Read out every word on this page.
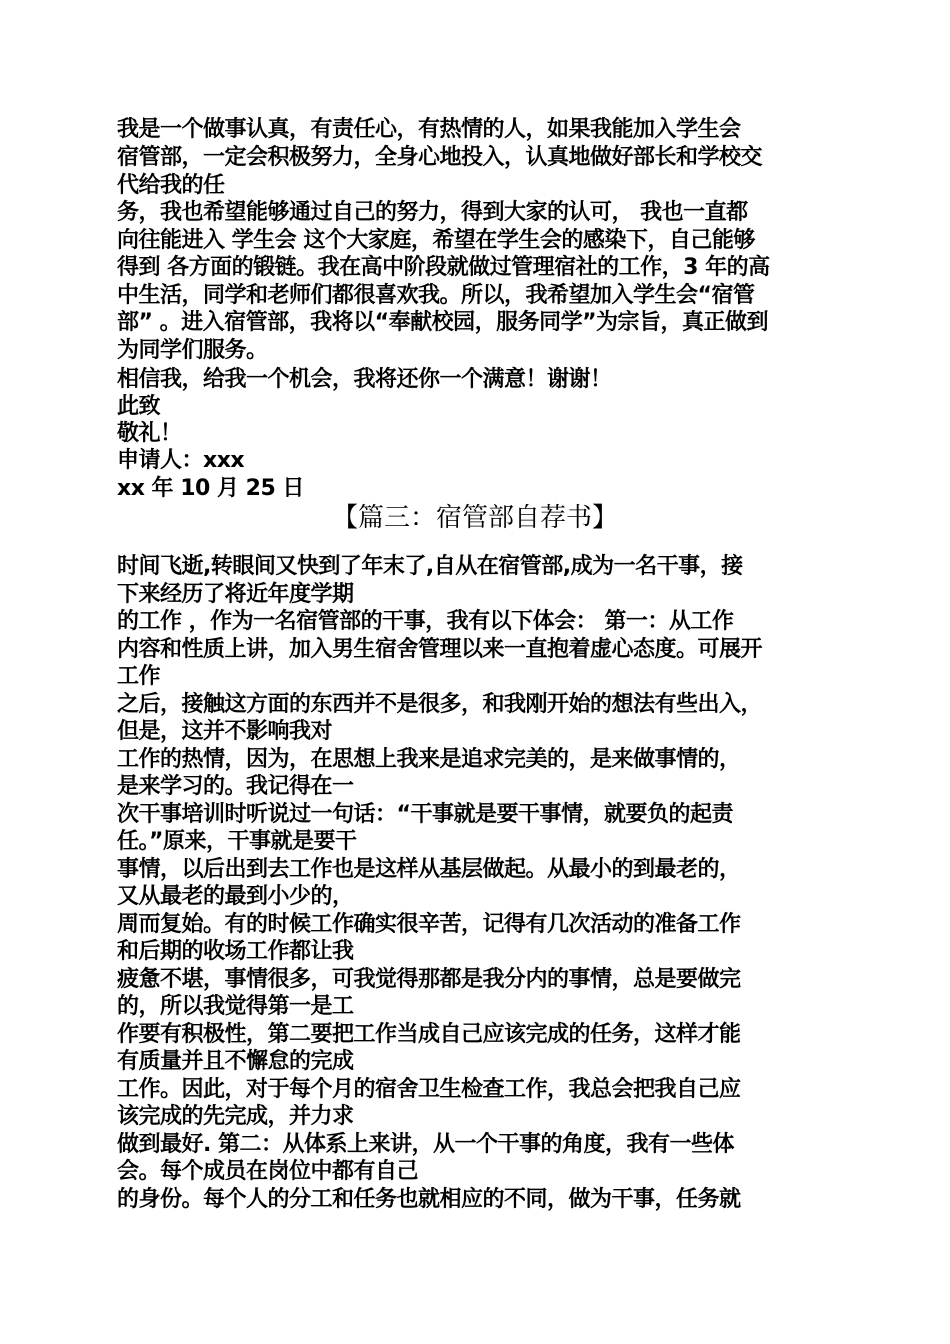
我是一个做事认真，有责任心，有热情的人，如果我能加入学生会
宿管部，一定会积极努力，全身心地投入，认真地做好部长和学校交
代给我的任
务，我也希望能够通过自己的努力，得到大家的认可， 我也一直都
向往能进入 学生会 这个大家庭，希望在学生会的感染下，自己能够
得到 各方面的锻链。我在高中阶段就做过管理宿社的工作，3 年的高
中生活，同学和老师们都很喜欢我。所以，我希望加入学生会“宿管
部” 。进入宿管部，我将以“奉献校园，服务同学”为宗旨，真正做到
为同学们服务。
相信我，给我一个机会，我将还你一个满意！谢谢！
此致
敬礼！
申请人：xxx
xx 年 10 月 25 日
【篇三：宿管部自荐书】
时间飞逝,转眼间又快到了年末了,自从在宿管部,成为一名干事，接
下来经历了将近年度学期
的工作 ，作为一名宿管部的干事，我有以下体会： 第一：从工作
内容和性质上讲，加入男生宿舍管理以来一直抱着虚心态度。可展开
工作
之后，接触这方面的东西并不是很多，和我刚开始的想法有些出入，
但是，这并不影响我对
工作的热情，因为，在思想上我来是追求完美的，是来做事情的，
是来学习的。我记得在一
次干事培训时听说过一句话：“干事就是要干事情，就要负的起责
任。”原来，干事就是要干
事情，以后出到去工作也是这样从基层做起。从最小的到最老的，
又从最老的最到小少的，
周而复始。有的时候工作确实很辛苦，记得有几次活动的准备工作
和后期的收场工作都让我
疲惫不堪，事情很多，可我觉得那都是我分内的事情，总是要做完
的，所以我觉得第一是工
作要有积极性，第二要把工作当成自己应该完成的任务，这样才能
有质量并且不懈怠的完成
工作。因此，对于每个月的宿舍卫生检查工作，我总会把我自己应
该完成的先完成，并力求
做到最好. 第二：从体系上来讲，从一个干事的角度，我有一些体
会。每个成员在岗位中都有自己
的身份。每个人的分工和任务也就相应的不同，做为干事，任务就
